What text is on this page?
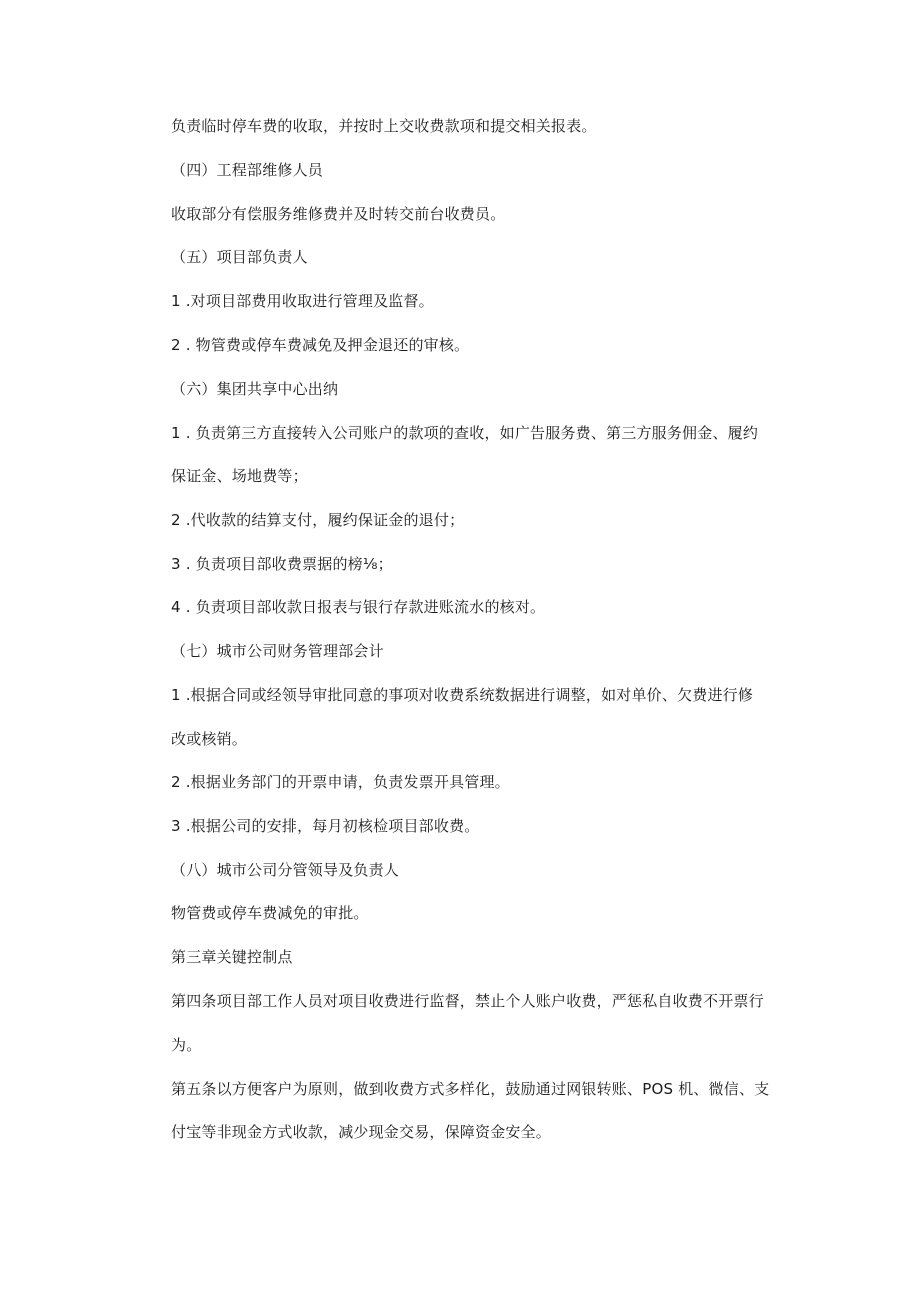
负责临时停车费的收取，并按时上交收费款项和提交相关报表。
（四）工程部维修人员
收取部分有偿服务维修费并及时转交前台收费员。
（五）项目部负责人
1 .对项目部费用收取进行管理及监督。
2 . 物管费或停车费减免及押金退还的审核。
（六）集团共享中心出纳
1 . 负责第三方直接转入公司账户的款项的查收，如广告服务费、第三方服务佣金、履约
保证金、场地费等；
2 .代收款的结算支付，履约保证金的退付；
3 . 负责项目部收费票据的榜⅛；
4 . 负责项目部收款日报表与银行存款进账流水的核对。
（七）城市公司财务管理部会计
1 .根据合同或经领导审批同意的事项对收费系统数据进行调整，如对单价、欠费进行修
改或核销。
2 .根据业务部门的开票申请，负责发票开具管理。
3 .根据公司的安排，每月初核检项目部收费。
（八）城市公司分管领导及负责人
物管费或停车费减免的审批。
第三章关键控制点
第四条项目部工作人员对项目收费进行监督，禁止个人账户收费，严惩私自收费不开票行
为。
第五条以方便客户为原则，做到收费方式多样化，鼓励通过网银转账、POS 机、微信、支
付宝等非现金方式收款，减少现金交易，保障资金安全。
